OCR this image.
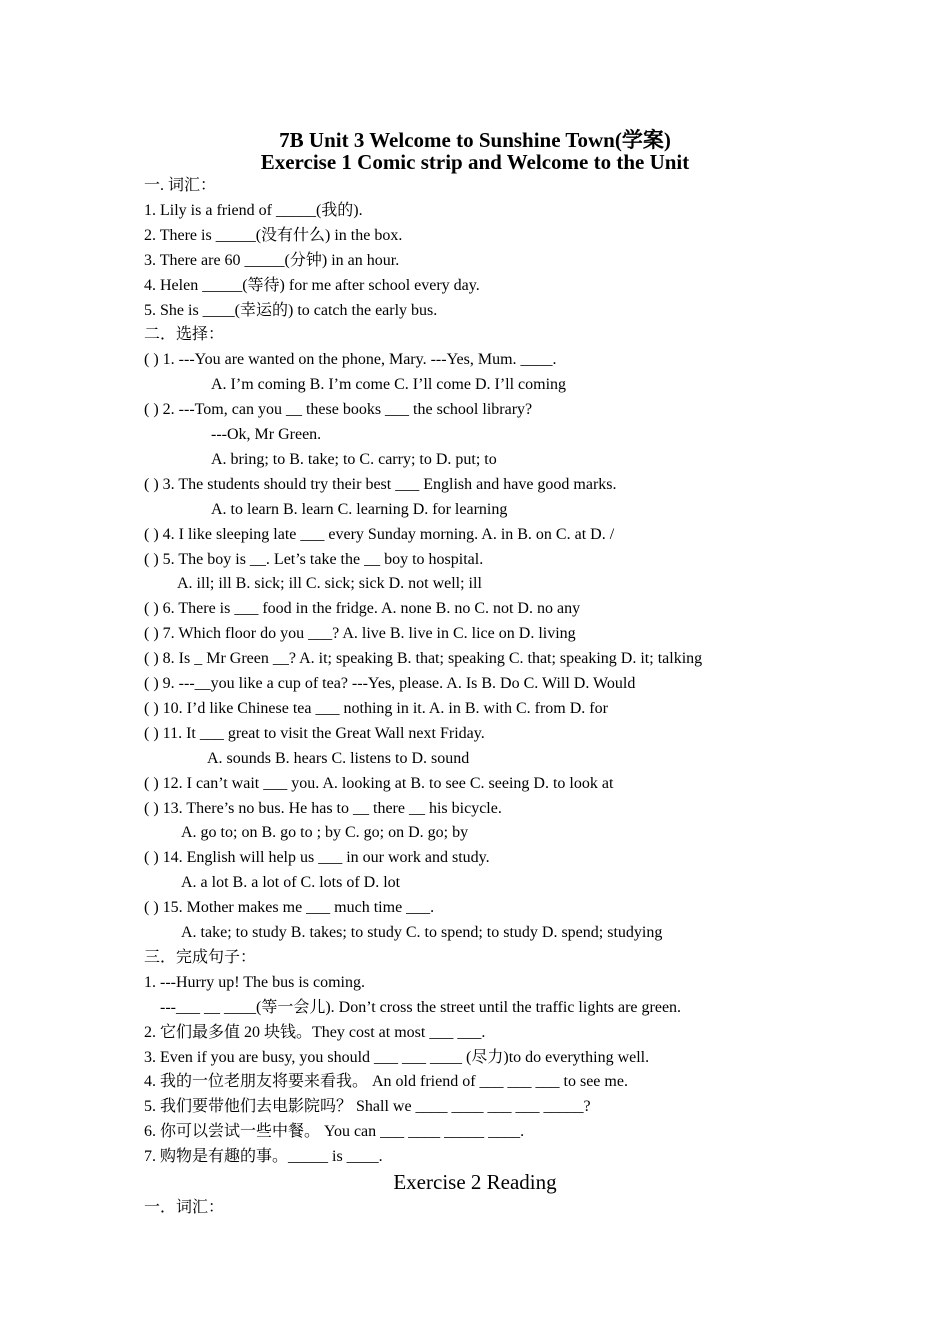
7B Unit 3 Welcome to Sunshine Town(学案)
Exercise 1 Comic strip and Welcome to the Unit
一. 词汇：
1. Lily is a friend of _____(我的).
2. There is _____(没有什么) in the box.
3. There are 60 _____(分钟) in an hour.
4. Helen _____(等待) for me after school every day.
5. She is ____(幸运的) to catch the early bus.
二．选择：
( ) 1. ---You are wanted on the phone, Mary. ---Yes, Mum. ____.
A. I’m coming B. I’m come C. I’ll come D. I’ll coming
( ) 2. ---Tom, can you __ these books ___ the school library?
---Ok, Mr Green.
A. bring; to B. take; to C. carry; to D. put; to
( ) 3. The students should try their best ___ English and have good marks.
A. to learn B. learn C. learning D. for learning
( ) 4. I like sleeping late ___ every Sunday morning. A. in B. on C. at D. /
( ) 5. The boy is __. Let’s take the __ boy to hospital.
A. ill; ill B. sick; ill C. sick; sick D. not well; ill
( ) 6. There is ___ food in the fridge. A. none B. no C. not D. no any
( ) 7. Which floor do you ___? A. live B. live in C. lice on D. living
( ) 8. Is _ Mr Green __? A. it; speaking B. that; speaking C. that; speaking D. it; talking
( ) 9. ---__you like a cup of tea? ---Yes, please. A. Is B. Do C. Will D. Would
( ) 10. I’d like Chinese tea ___ nothing in it. A. in B. with C. from D. for
( ) 11. It ___ great to visit the Great Wall next Friday.
A. sounds B. hears C. listens to D. sound
( ) 12. I can’t wait ___ you. A. looking at B. to see C. seeing D. to look at
( ) 13. There’s no bus. He has to __ there __ his bicycle.
A. go to; on B. go to ; by C. go; on D. go; by
( ) 14. English will help us ___ in our work and study.
A. a lot B. a lot of C. lots of D. lot
( ) 15. Mother makes me ___ much time ___.
A. take; to study B. takes; to study C. to spend; to study D. spend; studying
三．完成句子：
1. ---Hurry up! The bus is coming.
---___ __ ____(等一会儿). Don’t cross the street until the traffic lights are green.
2. 它们最多值 20 块钱。They cost at most ___ ___.
3. Even if you are busy, you should ___ ___ ____ (尽力)to do everything well.
4. 我的一位老朋友将要来看我。 An old friend of ___ ___ ___ to see me.
5. 我们要带他们去电影院吗？ Shall we ____ ____ ___ ___ _____?
6. 你可以尝试一些中餐。 You can ___ ____ _____ ____.
7. 购物是有趣的事。_____ is ____.
Exercise 2 Reading
一．词汇：
